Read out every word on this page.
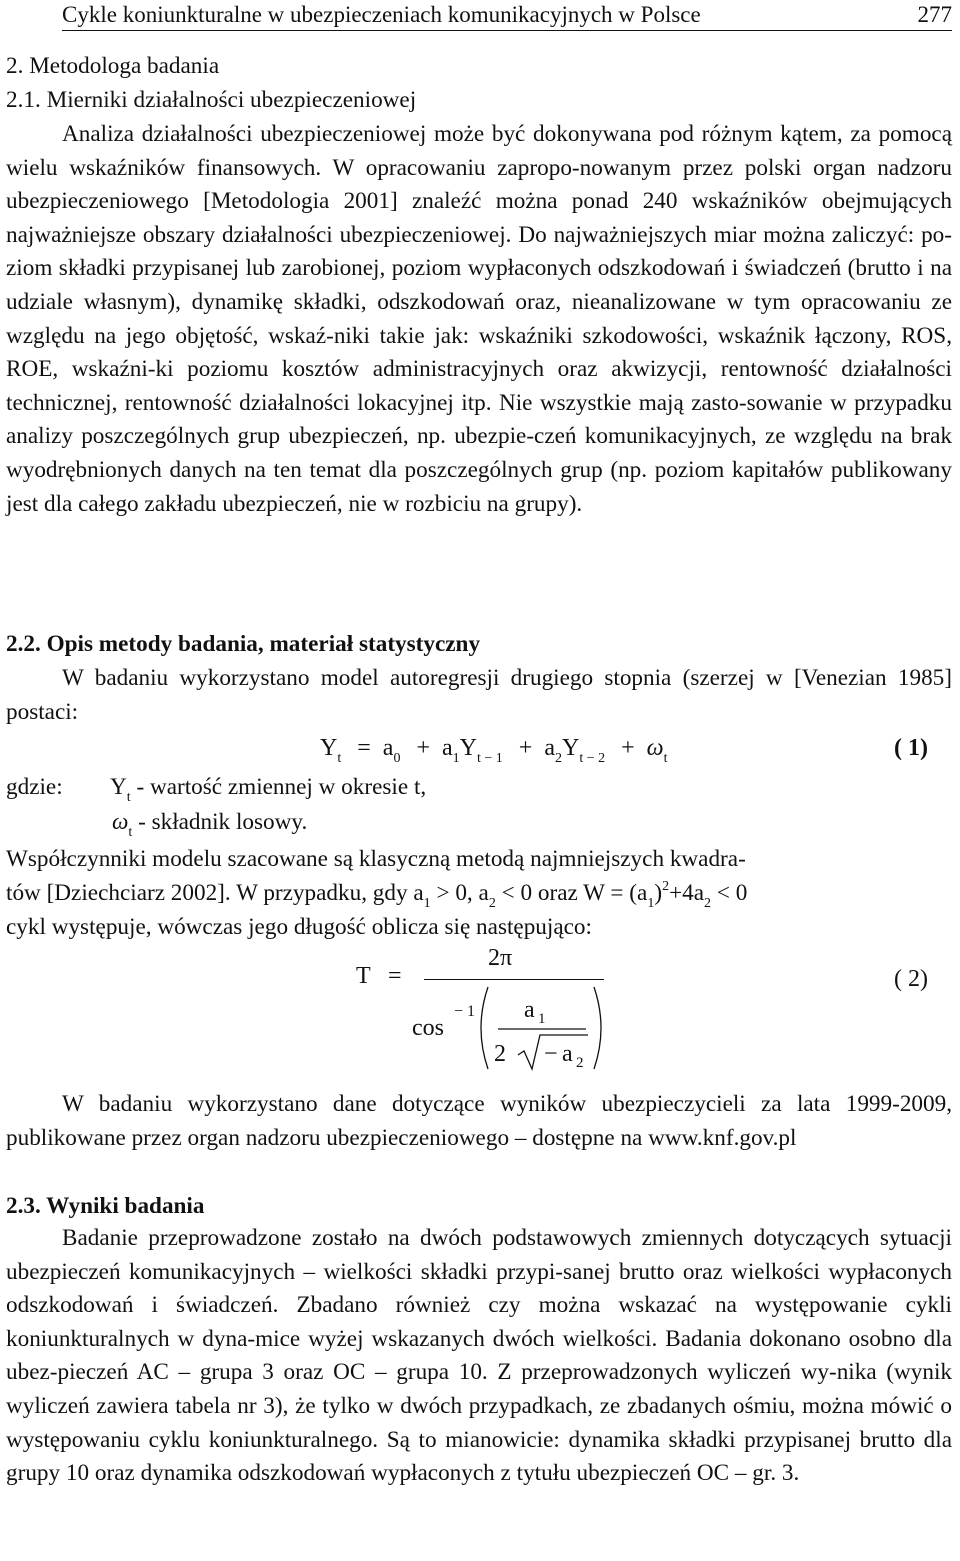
Cykle koniunkturalne w ubezpieczeniach komunikacyjnych w Polsce	277
2. Metodologa badania
2.1. Mierniki działalności ubezpieczeniowej
Analiza działalności ubezpieczeniowej może być dokonywana pod różnym kątem, za pomocą wielu wskaźników finansowych. W opracowaniu zapropo-nowanym przez polski organ nadzoru ubezpieczeniowego [Metodologia 2001] znaleźć można ponad 240 wskaźników obejmujących najważniejsze obszary działalności ubezpieczeniowej. Do najważniejszych miar można zaliczyć: po-ziom składki przypisanej lub zarobionej, poziom wypłaconych odszkodowań i świadczeń (brutto i na udziale własnym), dynamikę składki, odszkodowań oraz, nieanalizowane w tym opracowaniu ze względu na jego objętość, wskaź-niki takie jak: wskaźniki szkodowości, wskaźnik łączony, ROS, ROE, wskaźni-ki poziomu kosztów administracyjnych oraz akwizycji, rentowność działalności technicznej, rentowność działalności lokacyjnej itp. Nie wszystkie mają zasto-sowanie w przypadku analizy poszczególnych grup ubezpieczeń, np. ubezpie-czeń komunikacyjnych, ze względu na brak wyodrębnionych danych na ten temat dla poszczególnych grup (np. poziom kapitałów publikowany jest dla całego zakładu ubezpieczeń, nie w rozbiciu na grupy).
2.2. Opis metody badania, materiał statystyczny
W badaniu wykorzystano model autoregresji drugiego stopnia (szerzej w [Venezian 1985] postaci:
$Y_t = a_0 + a_1Y_{t - 1} + a_2Y_{t - 2} + \omega_t$	( 1)
gdzie: $Y_t$ - wartość zmiennej w okresie t,
$\omega_t$ - składnik losowy.
Współczynniki modelu szacowane są klasyczną metodą najmniejszych kwadra-
tów [Dziechciarz 2002]. W przypadku, gdy $a_1 > 0$, $a_2 < 0$ oraz $W = (a_1)^2+4a_2 < 0$
cykl występuje, wówczas jego długość oblicza się następująco:
T =
2π
cos
− 1 a 1
2 − a 2
( 2)
W badaniu wykorzystano dane dotyczące wyników ubezpieczycieli za lata 1999-2009, publikowane przez organ nadzoru ubezpieczeniowego – dostępne na www.knf.gov.pl
2.3. Wyniki badania
Badanie przeprowadzone zostało na dwóch podstawowych zmiennych dotyczących sytuacji ubezpieczeń komunikacyjnych – wielkości składki przypi-sanej brutto oraz wielkości wypłaconych odszkodowań i świadczeń. Zbadano również czy można wskazać na występowanie cykli koniunkturalnych w dyna-mice wyżej wskazanych dwóch wielkości. Badania dokonano osobno dla ubez-pieczeń AC – grupa 3 oraz OC – grupa 10. Z przeprowadzonych wyliczeń wy-nika (wynik wyliczeń zawiera tabela nr 3), że tylko w dwóch przypadkach, ze zbadanych ośmiu, można mówić o występowaniu cyklu koniunkturalnego. Są to mianowicie: dynamika składki przypisanej brutto dla grupy 10 oraz dynamika odszkodowań wypłaconych z tytułu ubezpieczeń OC – gr. 3.
